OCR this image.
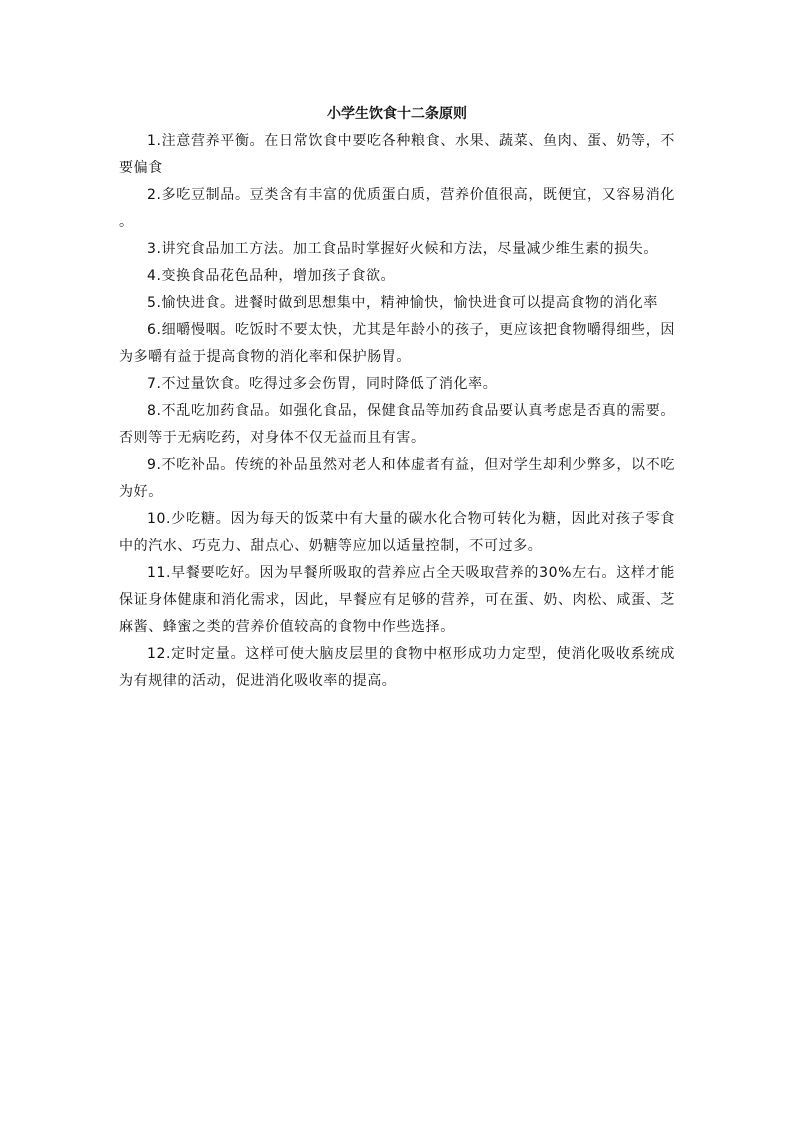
小学生饮食十二条原则

1.注意营养平衡。在日常饮食中要吃各种粮食、水果、蔬菜、鱼肉、蛋、奶等，不要偏食

2.多吃豆制品。豆类含有丰富的优质蛋白质，营养价值很高，既便宜，又容易消化。

3.讲究食品加工方法。加工食品时掌握好火候和方法，尽量减少维生素的损失。

4.变换食品花色品种，增加孩子食欲。

5.愉快进食。进餐时做到思想集中，精神愉快，愉快进食可以提高食物的消化率

6.细嚼慢咽。吃饭时不要太快，尤其是年龄小的孩子，更应该把食物嚼得细些，因为多嚼有益于提高食物的消化率和保护肠胃。

7.不过量饮食。吃得过多会伤胃，同时降低了消化率。

8.不乱吃加药食品。如强化食品，保健食品等加药食品要认真考虑是否真的需要。否则等于无病吃药，对身体不仅无益而且有害。

9.不吃补品。传统的补品虽然对老人和体虚者有益，但对学生却利少弊多，以不吃为好。

10.少吃糖。因为每天的饭菜中有大量的碳水化合物可转化为糖，因此对孩子零食中的汽水、巧克力、甜点心、奶糖等应加以适量控制，不可过多。

11.早餐要吃好。因为早餐所吸取的营养应占全天吸取营养的30%左右。这样才能保证身体健康和消化需求，因此，早餐应有足够的营养，可在蛋、奶、肉松、咸蛋、芝麻酱、蜂蜜之类的营养价值较高的食物中作些选择。

12.定时定量。这样可使大脑皮层里的食物中枢形成功力定型，使消化吸收系统成为有规律的活动，促进消化吸收率的提高。
